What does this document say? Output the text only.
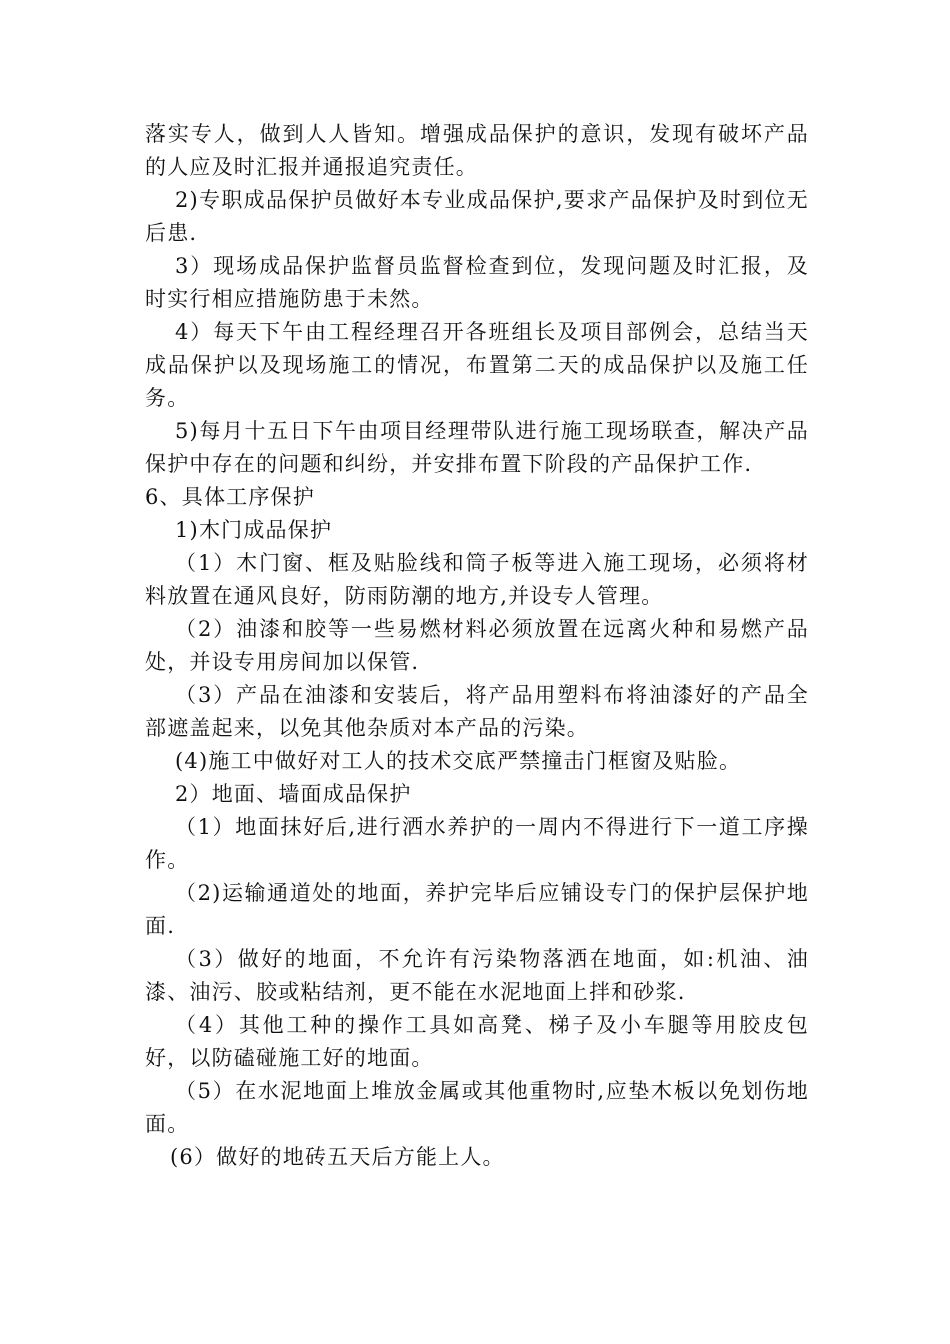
落实专人，做到人人皆知。增强成品保护的意识，发现有破坏产品的人应及时汇报并通报追究责任。

2)专职成品保护员做好本专业成品保护,要求产品保护及时到位无后患.

3）现场成品保护监督员监督检查到位，发现问题及时汇报，及时实行相应措施防患于未然。

4）每天下午由工程经理召开各班组长及项目部例会，总结当天成品保护以及现场施工的情况，布置第二天的成品保护以及施工任务。

5)每月十五日下午由项目经理带队进行施工现场联查，解决产品保护中存在的问题和纠纷，并安排布置下阶段的产品保护工作.

6、具体工序保护

1)木门成品保护

（1）木门窗、框及贴脸线和筒子板等进入施工现场，必须将材料放置在通风良好，防雨防潮的地方,并设专人管理。

（2）油漆和胶等一些易燃材料必须放置在远离火种和易燃产品处，并设专用房间加以保管.

（3）产品在油漆和安装后，将产品用塑料布将油漆好的产品全部遮盖起来，以免其他杂质对本产品的污染。

(4)施工中做好对工人的技术交底严禁撞击门框窗及贴脸。

2）地面、墙面成品保护

（1）地面抹好后,进行洒水养护的一周内不得进行下一道工序操作。

（2)运输通道处的地面，养护完毕后应铺设专门的保护层保护地面.

（3）做好的地面，不允许有污染物落洒在地面，如:机油、油漆、油污、胶或粘结剂，更不能在水泥地面上拌和砂浆.

（4）其他工种的操作工具如高凳、梯子及小车腿等用胶皮包好，以防磕碰施工好的地面。

（5）在水泥地面上堆放金属或其他重物时,应垫木板以免划伤地面。

(6）做好的地砖五天后方能上人。
